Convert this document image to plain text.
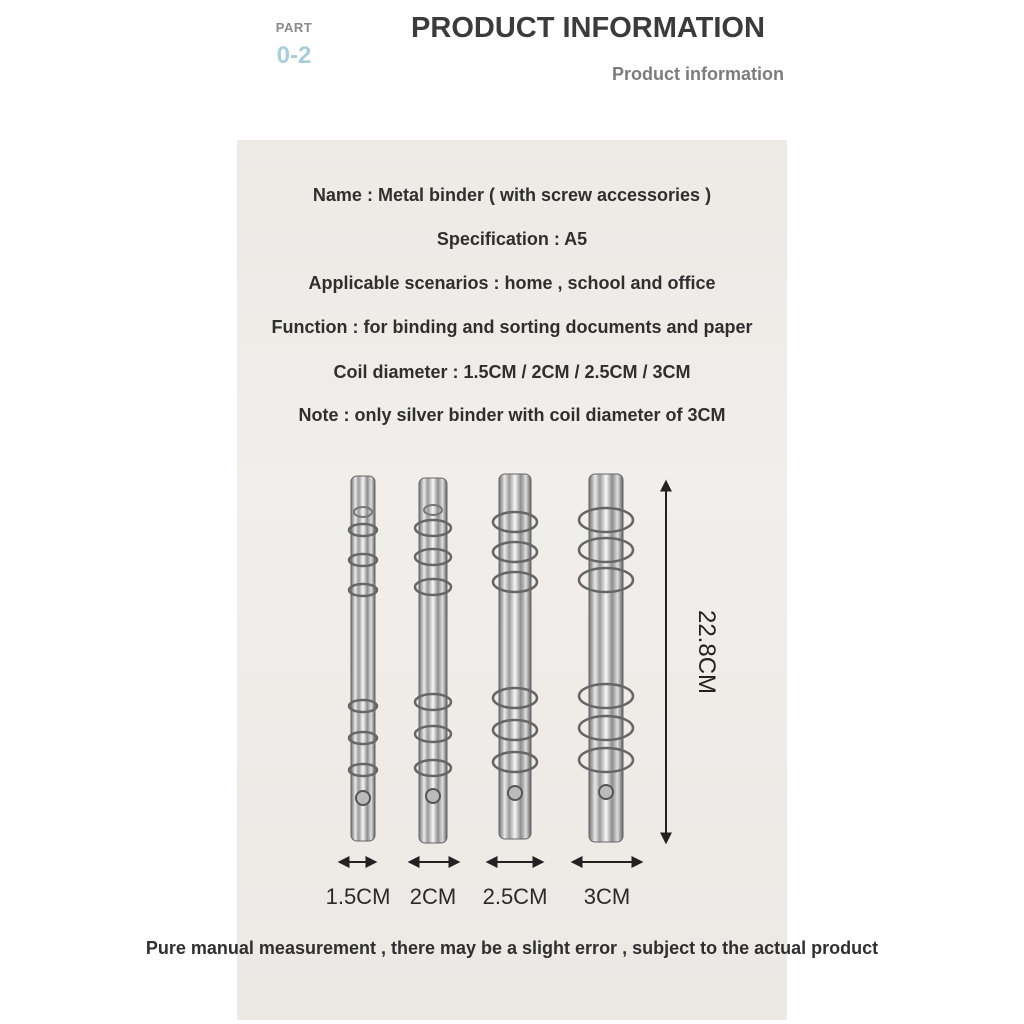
PART
0-2
PRODUCT INFORMATION
Product information
Name : Metal binder ( with screw accessories )
Specification : A5
Applicable scenarios : home , school and office
Function : for binding and sorting documents and paper
Coil diameter : 1.5CM / 2CM / 2.5CM / 3CM
Note : only silver binder with coil diameter of 3CM
22.8CM
1.5CM 2CM	2.5CM	3CM
Pure manual measurement , there may be a slight error , subject to the actual product
